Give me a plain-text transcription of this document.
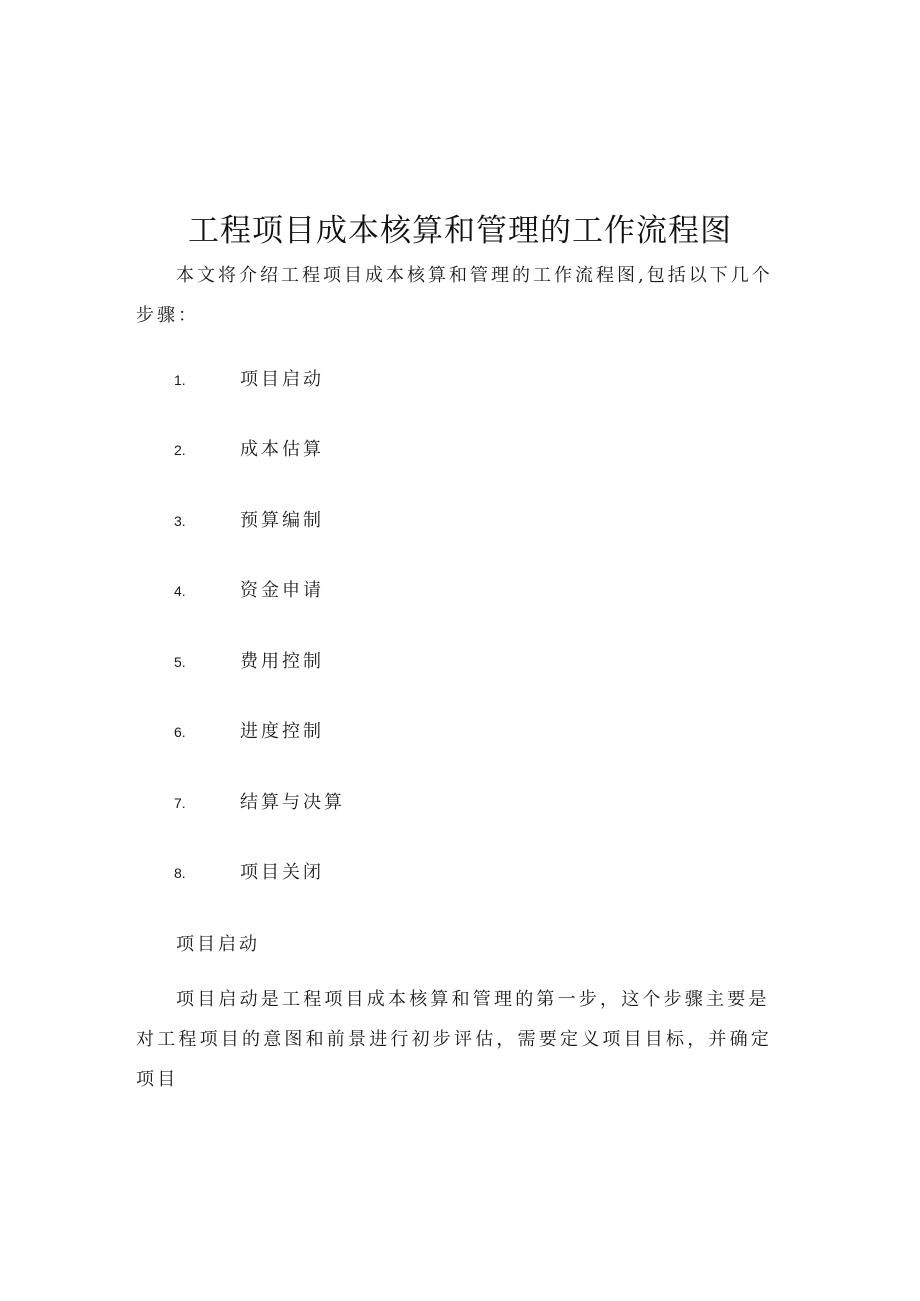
工程项目成本核算和管理的工作流程图

本文将介绍工程项目成本核算和管理的工作流程图,包括以下几个步骤：

1.	项目启动
2.	成本估算
3.	预算编制
4.	资金申请
5.	费用控制
6.	进度控制
7.	结算与决算
8.	项目关闭
项目启动

项目启动是工程项目成本核算和管理的第一步，这个步骤主要是对工程项目的意图和前景进行初步评估，需要定义项目目标，并确定项目
